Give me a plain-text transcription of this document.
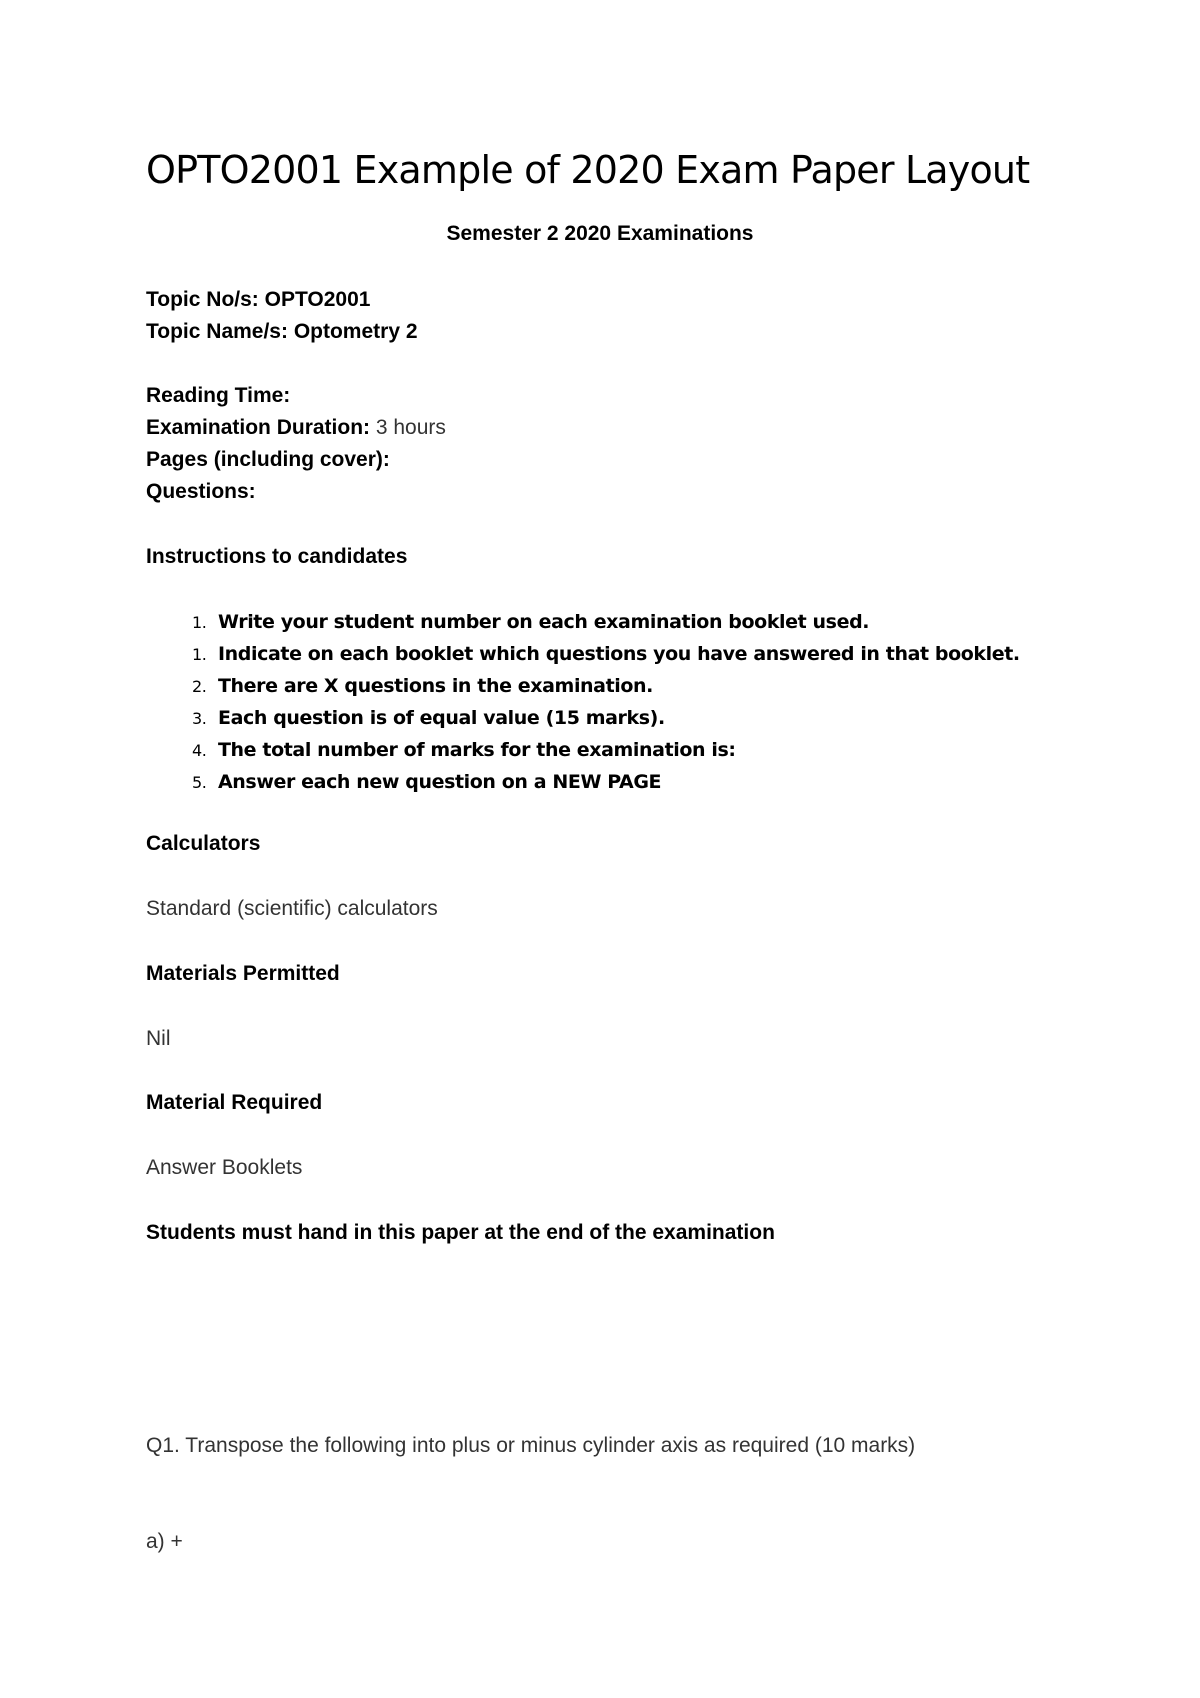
OPTO2001 Example of 2020 Exam Paper Layout
Semester 2 2020 Examinations
Topic No/s: OPTO2001
Topic Name/s: Optometry 2
Reading Time:
Examination Duration: 3 hours
Pages (including cover):
Questions:
Instructions to candidates
1. Write your student number on each examination booklet used.
1. Indicate on each booklet which questions you have answered in that booklet.
2. There are X questions in the examination.
3. Each question is of equal value (15 marks).
4. The total number of marks for the examination is:
5. Answer each new question on a NEW PAGE
Calculators
Standard (scientific) calculators
Materials Permitted
Nil
Material Required
Answer Booklets
Students must hand in this paper at the end of the examination
Q1. Transpose the following into plus or minus cylinder axis as required (10 marks)
a) +
